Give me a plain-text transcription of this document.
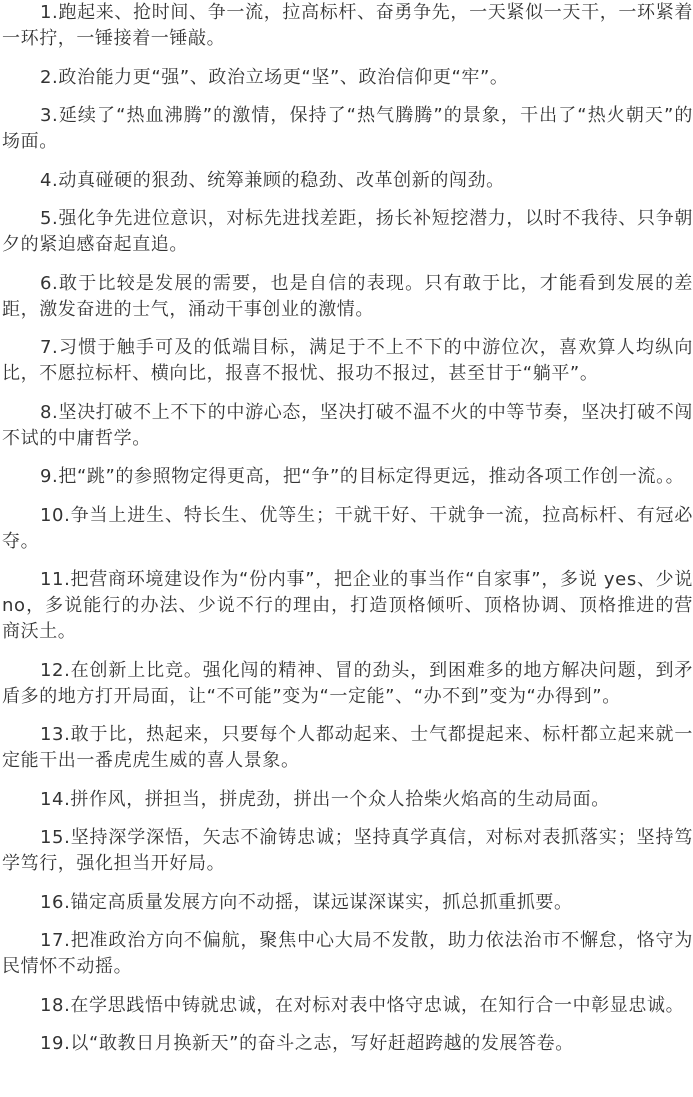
1.跑起来、抢时间、争一流，拉高标杆、奋勇争先，一天紧似一天干，一环紧着一环拧，一锤接着一锤敲。

2.政治能力更“强”、政治立场更“坚”、政治信仰更“牢”。

3.延续了“热血沸腾”的激情，保持了“热气腾腾”的景象，干出了“热火朝天”的场面。

4.动真碰硬的狠劲、统筹兼顾的稳劲、改革创新的闯劲。

5.强化争先进位意识，对标先进找差距，扬长补短挖潜力，以时不我待、只争朝夕的紧迫感奋起直追。

6.敢于比较是发展的需要，也是自信的表现。只有敢于比，才能看到发展的差距，激发奋进的士气，涌动干事创业的激情。

7.习惯于触手可及的低端目标，满足于不上不下的中游位次，喜欢算人均纵向比，不愿拉标杆、横向比，报喜不报忧、报功不报过，甚至甘于“躺平”。

8.坚决打破不上不下的中游心态，坚决打破不温不火的中等节奏，坚决打破不闯不试的中庸哲学。

9.把“跳”的参照物定得更高，把“争”的目标定得更远，推动各项工作创一流。。

10.争当上进生、特长生、优等生；干就干好、干就争一流，拉高标杆、有冠必夺。

11.把营商环境建设作为“份内事”，把企业的事当作“自家事”，多说 yes、少说 no，多说能行的办法、少说不行的理由，打造顶格倾听、顶格协调、顶格推进的营商沃土。

12.在创新上比竞。强化闯的精神、冒的劲头，到困难多的地方解决问题，到矛盾多的地方打开局面，让“不可能”变为“一定能”、“办不到”变为“办得到”。

13.敢于比，热起来，只要每个人都动起来、士气都提起来、标杆都立起来就一定能干出一番虎虎生威的喜人景象。

14.拼作风，拼担当，拼虎劲，拼出一个众人拾柴火焰高的生动局面。

15.坚持深学深悟，矢志不渝铸忠诚；坚持真学真信，对标对表抓落实；坚持笃学笃行，强化担当开好局。

16.锚定高质量发展方向不动摇，谋远谋深谋实，抓总抓重抓要。

17.把准政治方向不偏航，聚焦中心大局不发散，助力依法治市不懈怠，恪守为民情怀不动摇。

18.在学思践悟中铸就忠诚，在对标对表中恪守忠诚，在知行合一中彰显忠诚。

19.以“敢教日月换新天”的奋斗之志，写好赶超跨越的发展答卷。
